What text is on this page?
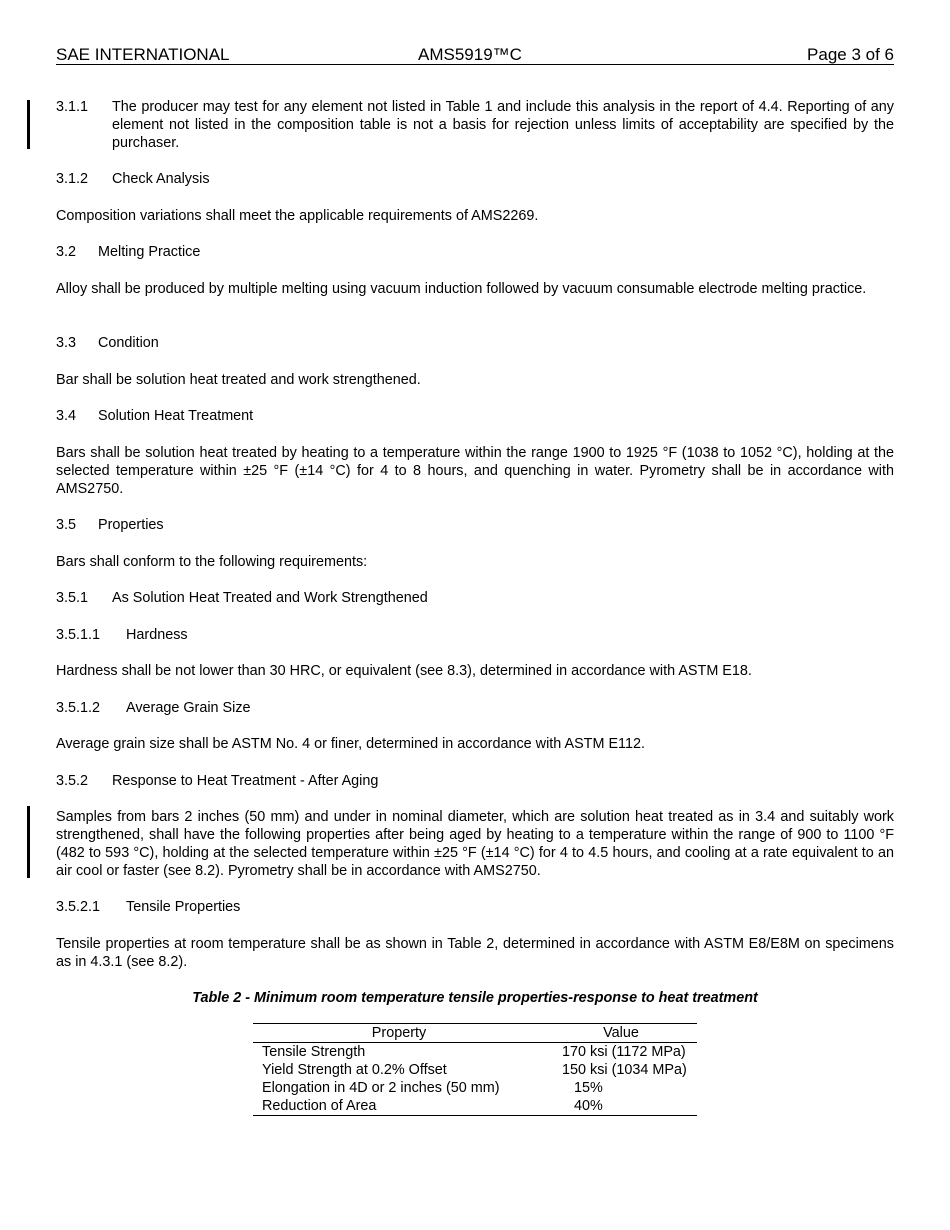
SAE INTERNATIONAL	AMS5919™C	Page 3 of 6
3.1.1 The producer may test for any element not listed in Table 1 and include this analysis in the report of 4.4. Reporting of any element not listed in the composition table is not a basis for rejection unless limits of acceptability are specified by the purchaser.
3.1.2 Check Analysis
Composition variations shall meet the applicable requirements of AMS2269.
3.2 Melting Practice
Alloy shall be produced by multiple melting using vacuum induction followed by vacuum consumable electrode melting practice.
3.3 Condition
Bar shall be solution heat treated and work strengthened.
3.4 Solution Heat Treatment
Bars shall be solution heat treated by heating to a temperature within the range 1900 to 1925 °F (1038 to 1052 °C), holding at the selected temperature within ±25 °F (±14 °C) for 4 to 8 hours, and quenching in water. Pyrometry shall be in accordance with AMS2750.
3.5 Properties
Bars shall conform to the following requirements:
3.5.1 As Solution Heat Treated and Work Strengthened
3.5.1.1 Hardness
Hardness shall be not lower than 30 HRC, or equivalent (see 8.3), determined in accordance with ASTM E18.
3.5.1.2 Average Grain Size
Average grain size shall be ASTM No. 4 or finer, determined in accordance with ASTM E112.
3.5.2 Response to Heat Treatment - After Aging
Samples from bars 2 inches (50 mm) and under in nominal diameter, which are solution heat treated as in 3.4 and suitably work strengthened, shall have the following properties after being aged by heating to a temperature within the range of 900 to 1100 °F (482 to 593 °C), holding at the selected temperature within ±25 °F (±14 °C) for 4 to 4.5 hours, and cooling at a rate equivalent to an air cool or faster (see 8.2). Pyrometry shall be in accordance with AMS2750.
3.5.2.1 Tensile Properties
Tensile properties at room temperature shall be as shown in Table 2, determined in accordance with ASTM E8/E8M on specimens as in 4.3.1 (see 8.2).
Table 2 - Minimum room temperature tensile properties-response to heat treatment
Property	Value
Tensile Strength	170 ksi (1172 MPa)
Yield Strength at 0.2% Offset	150 ksi (1034 MPa)
Elongation in 4D or 2 inches (50 mm)	15%
Reduction of Area	40%
